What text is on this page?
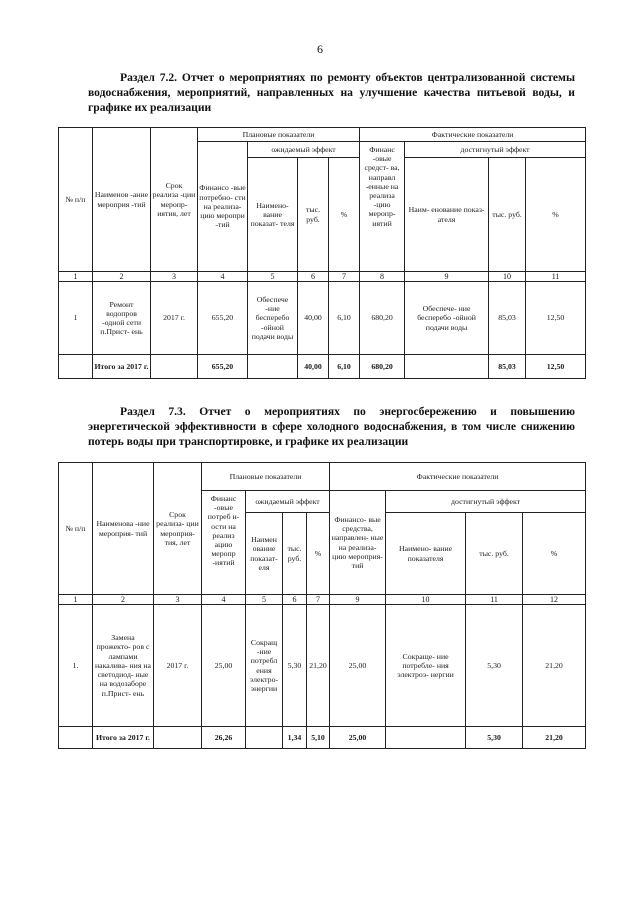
6
Раздел 7.2. Отчет о мероприятиях по ремонту объектов централизованной системы водоснабжения, мероприятий, направленных на улучшение качества питьевой воды, и графике их реализации
№ п/п	Наименов -ание мероприя -тий	Срок реализа -ции меропр-иятия, лет	Плановые показатели				Фактические показатели			
			Финансо -вые потребно- сти на реализа- цию меропри -тий	ожидаемый эффект			Финанс -овые средст- ва, направл -енные на реализа -цию меропр- иятий	достигнутый эффект		
				Наимено- вание показат- теля	тыс. руб.	%		Наим- енование показ-ателя	тыс. руб.	%
1	2	3	4	5	6	7	8	9	10	11
1	Ремонт водопров -одной сети п.Прист- ень	2017 г.	655,20	Обеспече -ние бесперебо -ойной подачи воды	40,00	6,10	680,20	Обеспече- ние бесперебо -ойной подачи воды	85,03	12,50
	Итого за 2017 г.		655,20		40,00	6,10	680,20		85,03	12,50
Раздел 7.3. Отчет о мероприятиях по энергосбережению и повышению энергетической эффективности в сфере холодного водоснабжения, в том числе снижению потерь воды при транспортировке, и графике их реализации
№ п/п	Наименова -ние мероприя- тий	Срок реализа- ции мероприя- тия, лет	Плановые показатели				Фактические показатели			
			Финанс -овые потреб н- ости на реализ ацию меропр -иятий	ожидаемый эффект			Финансо- вые средства, направлен- ные на реализа- цию мероприя- тий	достигнутый эффект		
				Наимен ование показат- еля	тыс. руб.	%		Наимено- вание показателя	тыс. руб.	%
1	2	3	4	5	6	7	9	10	11	12
1.	Замена прожекто- ров с лампами накалива- ния на светодиод- ные на водозаборе п.Прист- ень	2017 г.	25,00	Сокращ -ние потребл ения электро- энергии	5,30	21,20	25,00	Сокраще- ние потребле- ния электроэ- нергии	5,30	21,20
	Итого за 2017 г.		26,26		1,34	5,10	25,00		5,30	21,20
